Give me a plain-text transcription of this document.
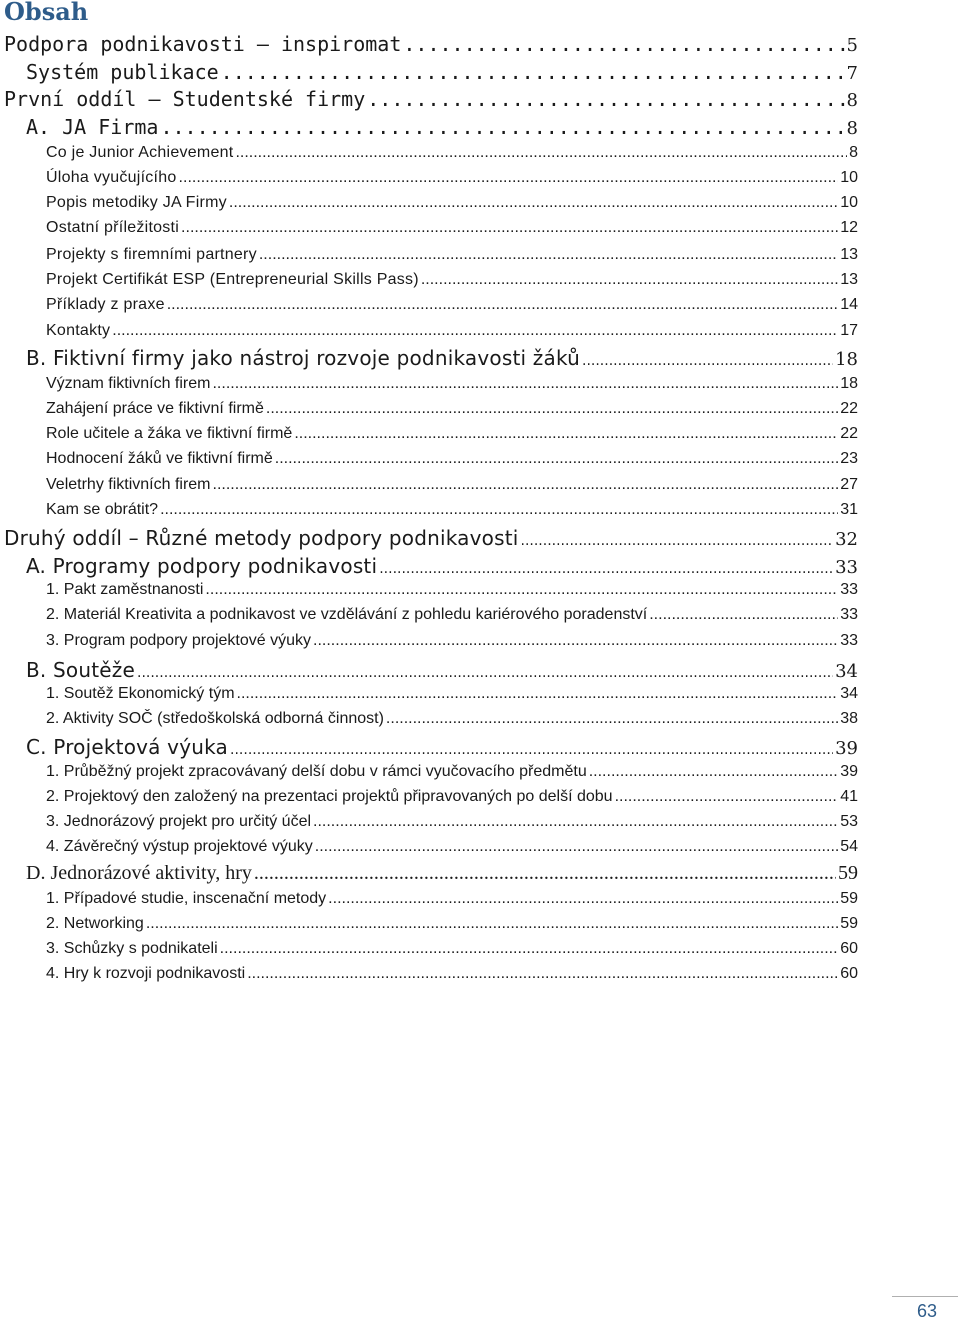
Obsah
Podpora podnikavosti – inspiromat .....	5
Systém publikace .....	7
První oddíl – Studentské firmy .....	8
A. JA Firma .....	8
Co je Junior Achievement .....	8
Úloha vyučujícího .....	10
Popis metodiky JA Firmy .....	10
Ostatní příležitosti .....	12
Projekty s firemními partnery .....	13
Projekt Certifikát ESP (Entrepreneurial Skills Pass) .....	13
Příklady z praxe .....	14
Kontakty .....	17
B. Fiktivní firmy jako nástroj rozvoje podnikavosti žáků .....	18
Význam fiktivních firem .....	18
Zahájení práce ve fiktivní firmě .....	22
Role učitele a žáka ve fiktivní firmě .....	22
Hodnocení žáků ve fiktivní firmě .....	23
Veletrhy fiktivních firem .....	27
Kam se obrátit? .....	31
Druhý oddíl – Různé metody podpory podnikavosti .....	32
A. Programy podpory podnikavosti .....	33
1. Pakt zaměstnanosti .....	33
2. Materiál Kreativita a podnikavost ve vzdělávání z pohledu kariérového poradenství .....	33
3. Program podpory projektové výuky .....	33
B. Soutěže .....	34
1. Soutěž Ekonomický tým .....	34
2. Aktivity SOČ (středoškolská odborná činnost) .....	38
C. Projektová výuka .....	39
1. Průběžný projekt zpracovávaný delší dobu v rámci vyučovacího předmětu .....	39
2. Projektový den založený na prezentaci projektů připravovaných po delší dobu .....	41
3. Jednorázový projekt pro určitý účel .....	53
4. Závěrečný výstup projektové výuky .....	54
D. Jednorázové aktivity, hry .....	59
1. Případové studie, inscenační metody .....	59
2. Networking .....	59
3. Schůzky s podnikateli .....	60
4. Hry k rozvoji podnikavosti .....	60
63
